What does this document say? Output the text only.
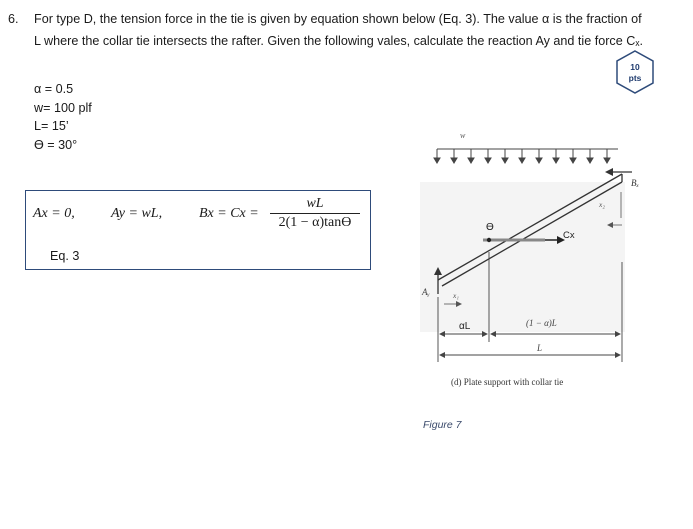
6. For type D, the tension force in the tie is given by equation shown below (Eq. 3). The value α is the fraction of L where the collar tie intersects the rafter. Given the following vales, calculate the reaction Ay and tie force Cₓ.
10
pts
α = 0.5
w= 100 plf
L= 15’
Ɵ = 30°
Ax = 0,	Ay = wL,	$Bx = Cx = \frac{wL}{2(1 - \alpha)\tan Ɵ}$
Eq. 3
w
Bₓ
x₂
Ɵ
Cx
Aᵧ	x₁
αL	(1 − α)L
L
(d) Plate support with collar tie
Figure 7
